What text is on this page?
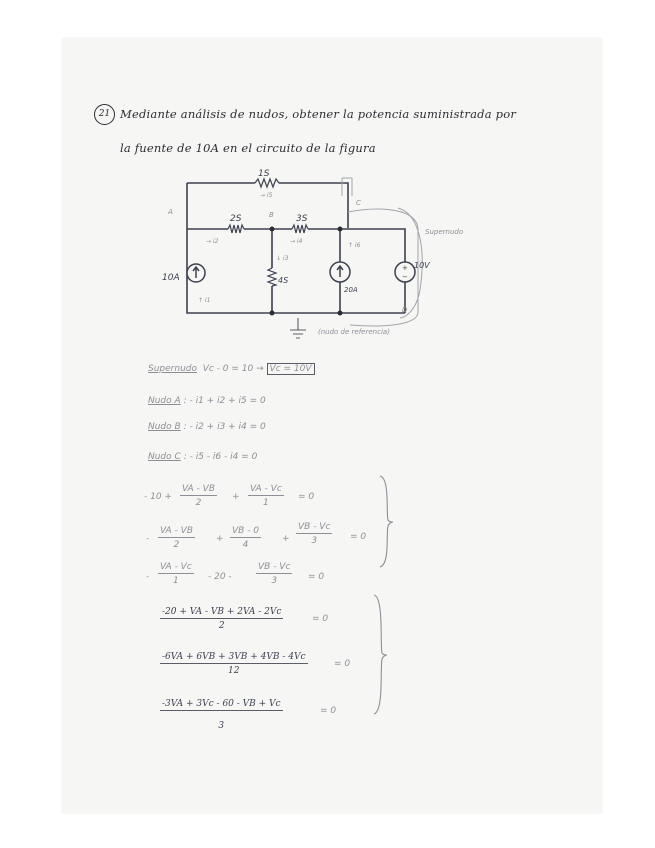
21 Mediante análisis de nudos, obtener la potencia suministrada por
la fuente de 10A en el circuito de la figura
+
−
1S
→ i5
A	B
C
D
2S	3S
→ i2	→ i4
↓ i3
4S
10A
↑ i1
20A
↑ i6
10V
Supernudo
(nudo de referencia)
Supernudo Vc - 0 = 10 → Vc = 10V
Nudo A : - i1 + i2 + i5 = 0
Nudo B : - i2 + i3 + i4 = 0
Nudo C : - i5 - i6 - i4 = 0
- $10 + \frac{VA - VB}{2} + \frac{VA - Vc}{1} = 0$
- $\frac{VA - VB}{2} + \frac{VB - 0}{4} + \frac{VB - Vc}{3} = 0$
- $\frac{VA - Vc}{1} - 20$ -	$\frac{VB - Vc}{3} = 0$
$\frac{-20 + VA - VB + 2VA - 2Vc}{2}$	= 0
$\frac{-6VA + 6VB + 3VB + 4VB - 4Vc}{12}$	= 0
$\frac{-3VA + 3Vc - 60 - VB + Vc}{3}$	= 0
